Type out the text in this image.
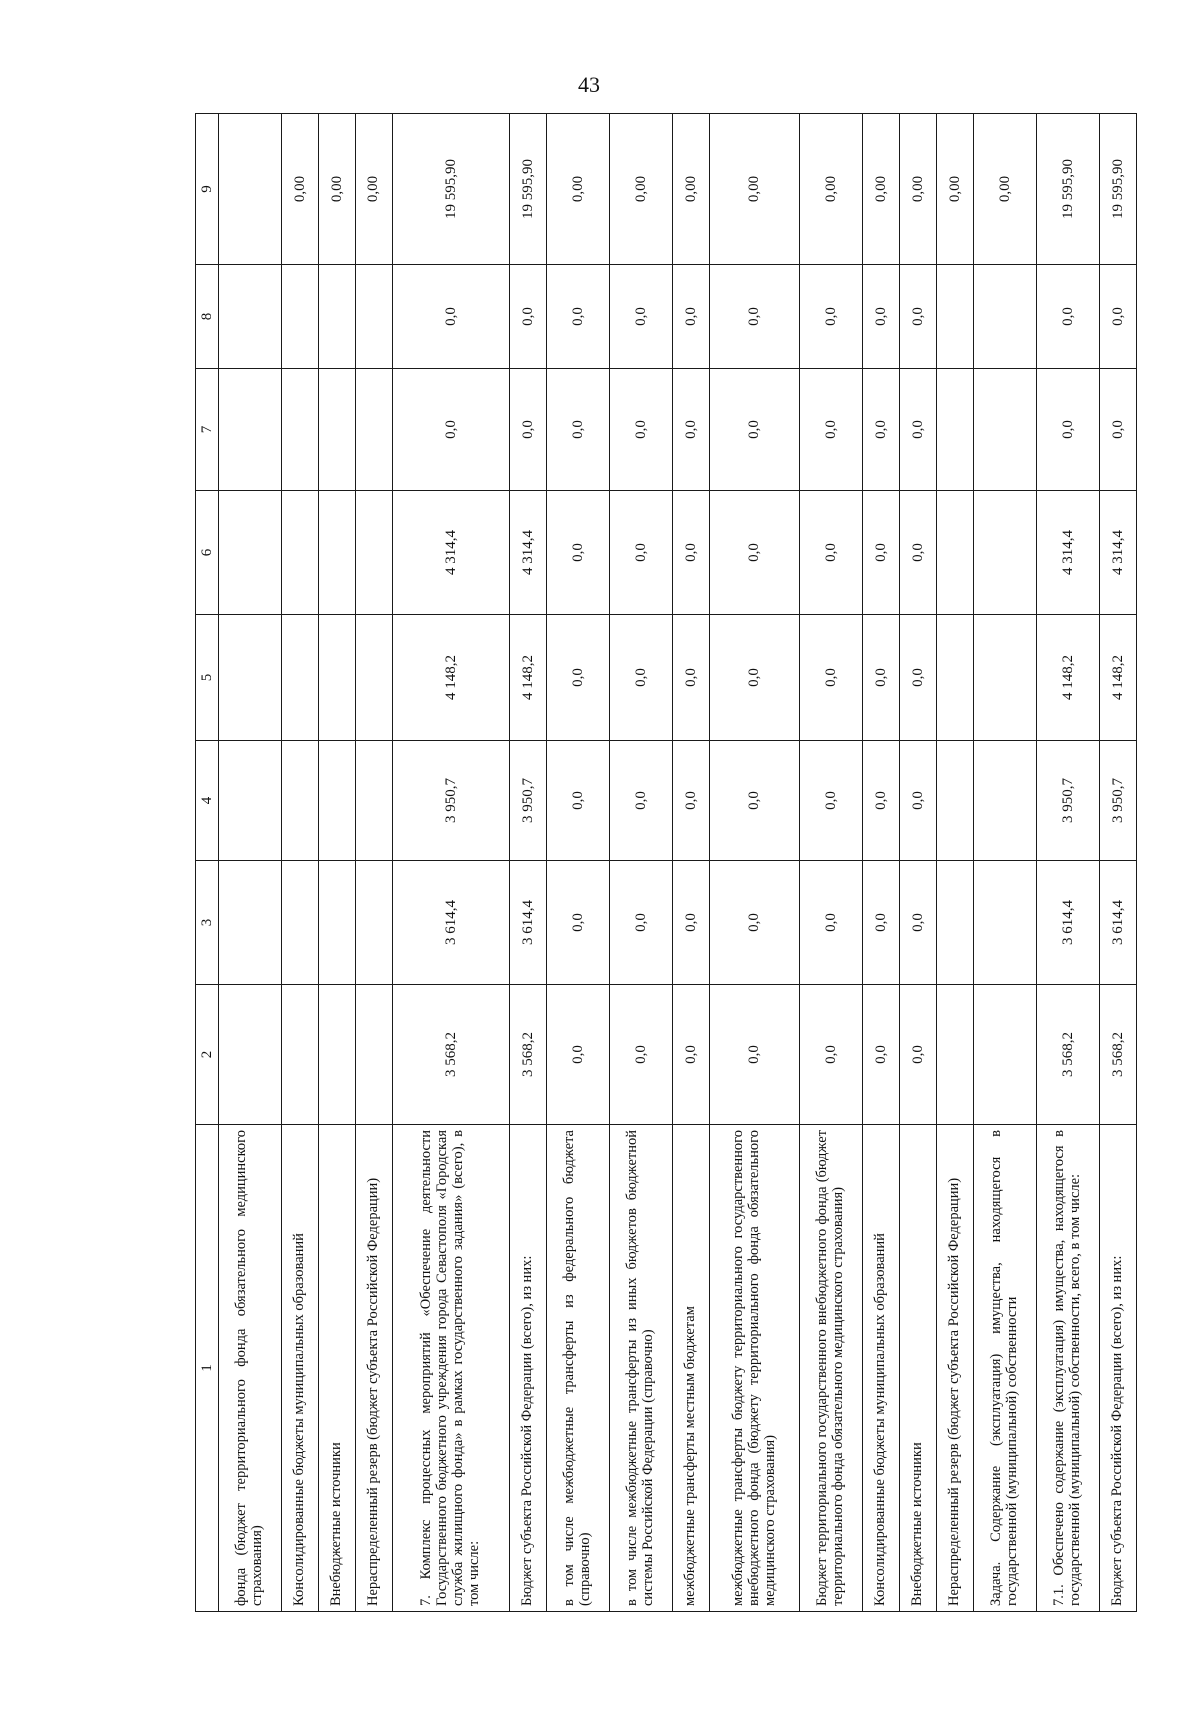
43
1	2	3	4	5	6	7	8	9
фонда (бюджет территориального фонда обязательного медицинского страхования)								
Консолидированные бюджеты муниципальных образований								0,00
Внебюджетные источники								0,00
Нераспределенный резерв (бюджет субъекта Российской Федерации)								0,00
7. Комплекс процессных мероприятий «Обеспечение деятельности Государственного бюджетного учреждения города Севастополя «Городская служба жилищного фонда» в рамках государственного задания» (всего), в том числе:	3 568,2	3 614,4	3 950,7	4 148,2	4 314,4	0,0	0,0	19 595,90
Бюджет субъекта Российской Федерации (всего), из них:	3 568,2	3 614,4	3 950,7	4 148,2	4 314,4	0,0	0,0	19 595,90
в том числе межбюджетные трансферты из федерального бюджета (справочно)	0,0	0,0	0,0	0,0	0,0	0,0	0,0	0,00
в том числе межбюджетные трансферты из иных бюджетов бюджетной системы Российской Федерации (справочно)	0,0	0,0	0,0	0,0	0,0	0,0	0,0	0,00
межбюджетные трансферты местным бюджетам	0,0	0,0	0,0	0,0	0,0	0,0	0,0	0,00
межбюджетные трансферты бюджету территориального государственного внебюджетного фонда (бюджету территориального фонда обязательного медицинского страхования)	0,0	0,0	0,0	0,0	0,0	0,0	0,0	0,00
Бюджет территориального государственного внебюджетного фонда (бюджет территориального фонда обязательного медицинского страхования)	0,0	0,0	0,0	0,0	0,0	0,0	0,0	0,00
Консолидированные бюджеты муниципальных образований	0,0	0,0	0,0	0,0	0,0	0,0	0,0	0,00
Внебюджетные источники	0,0	0,0	0,0	0,0	0,0	0,0	0,0	0,00
Нераспределенный резерв (бюджет субъекта Российской Федерации)								0,00
Задача. Содержание (эксплуатация) имущества, находящегося в государственной (муниципальной) собственности								0,00
7.1. Обеспечено содержание (эксплуатация) имущества, находящегося в государственной (муниципальной) собственности, всего, в том числе:	3 568,2	3 614,4	3 950,7	4 148,2	4 314,4	0,0	0,0	19 595,90
Бюджет субъекта Российской Федерации (всего), из них:	3 568,2	3 614,4	3 950,7	4 148,2	4 314,4	0,0	0,0	19 595,90
